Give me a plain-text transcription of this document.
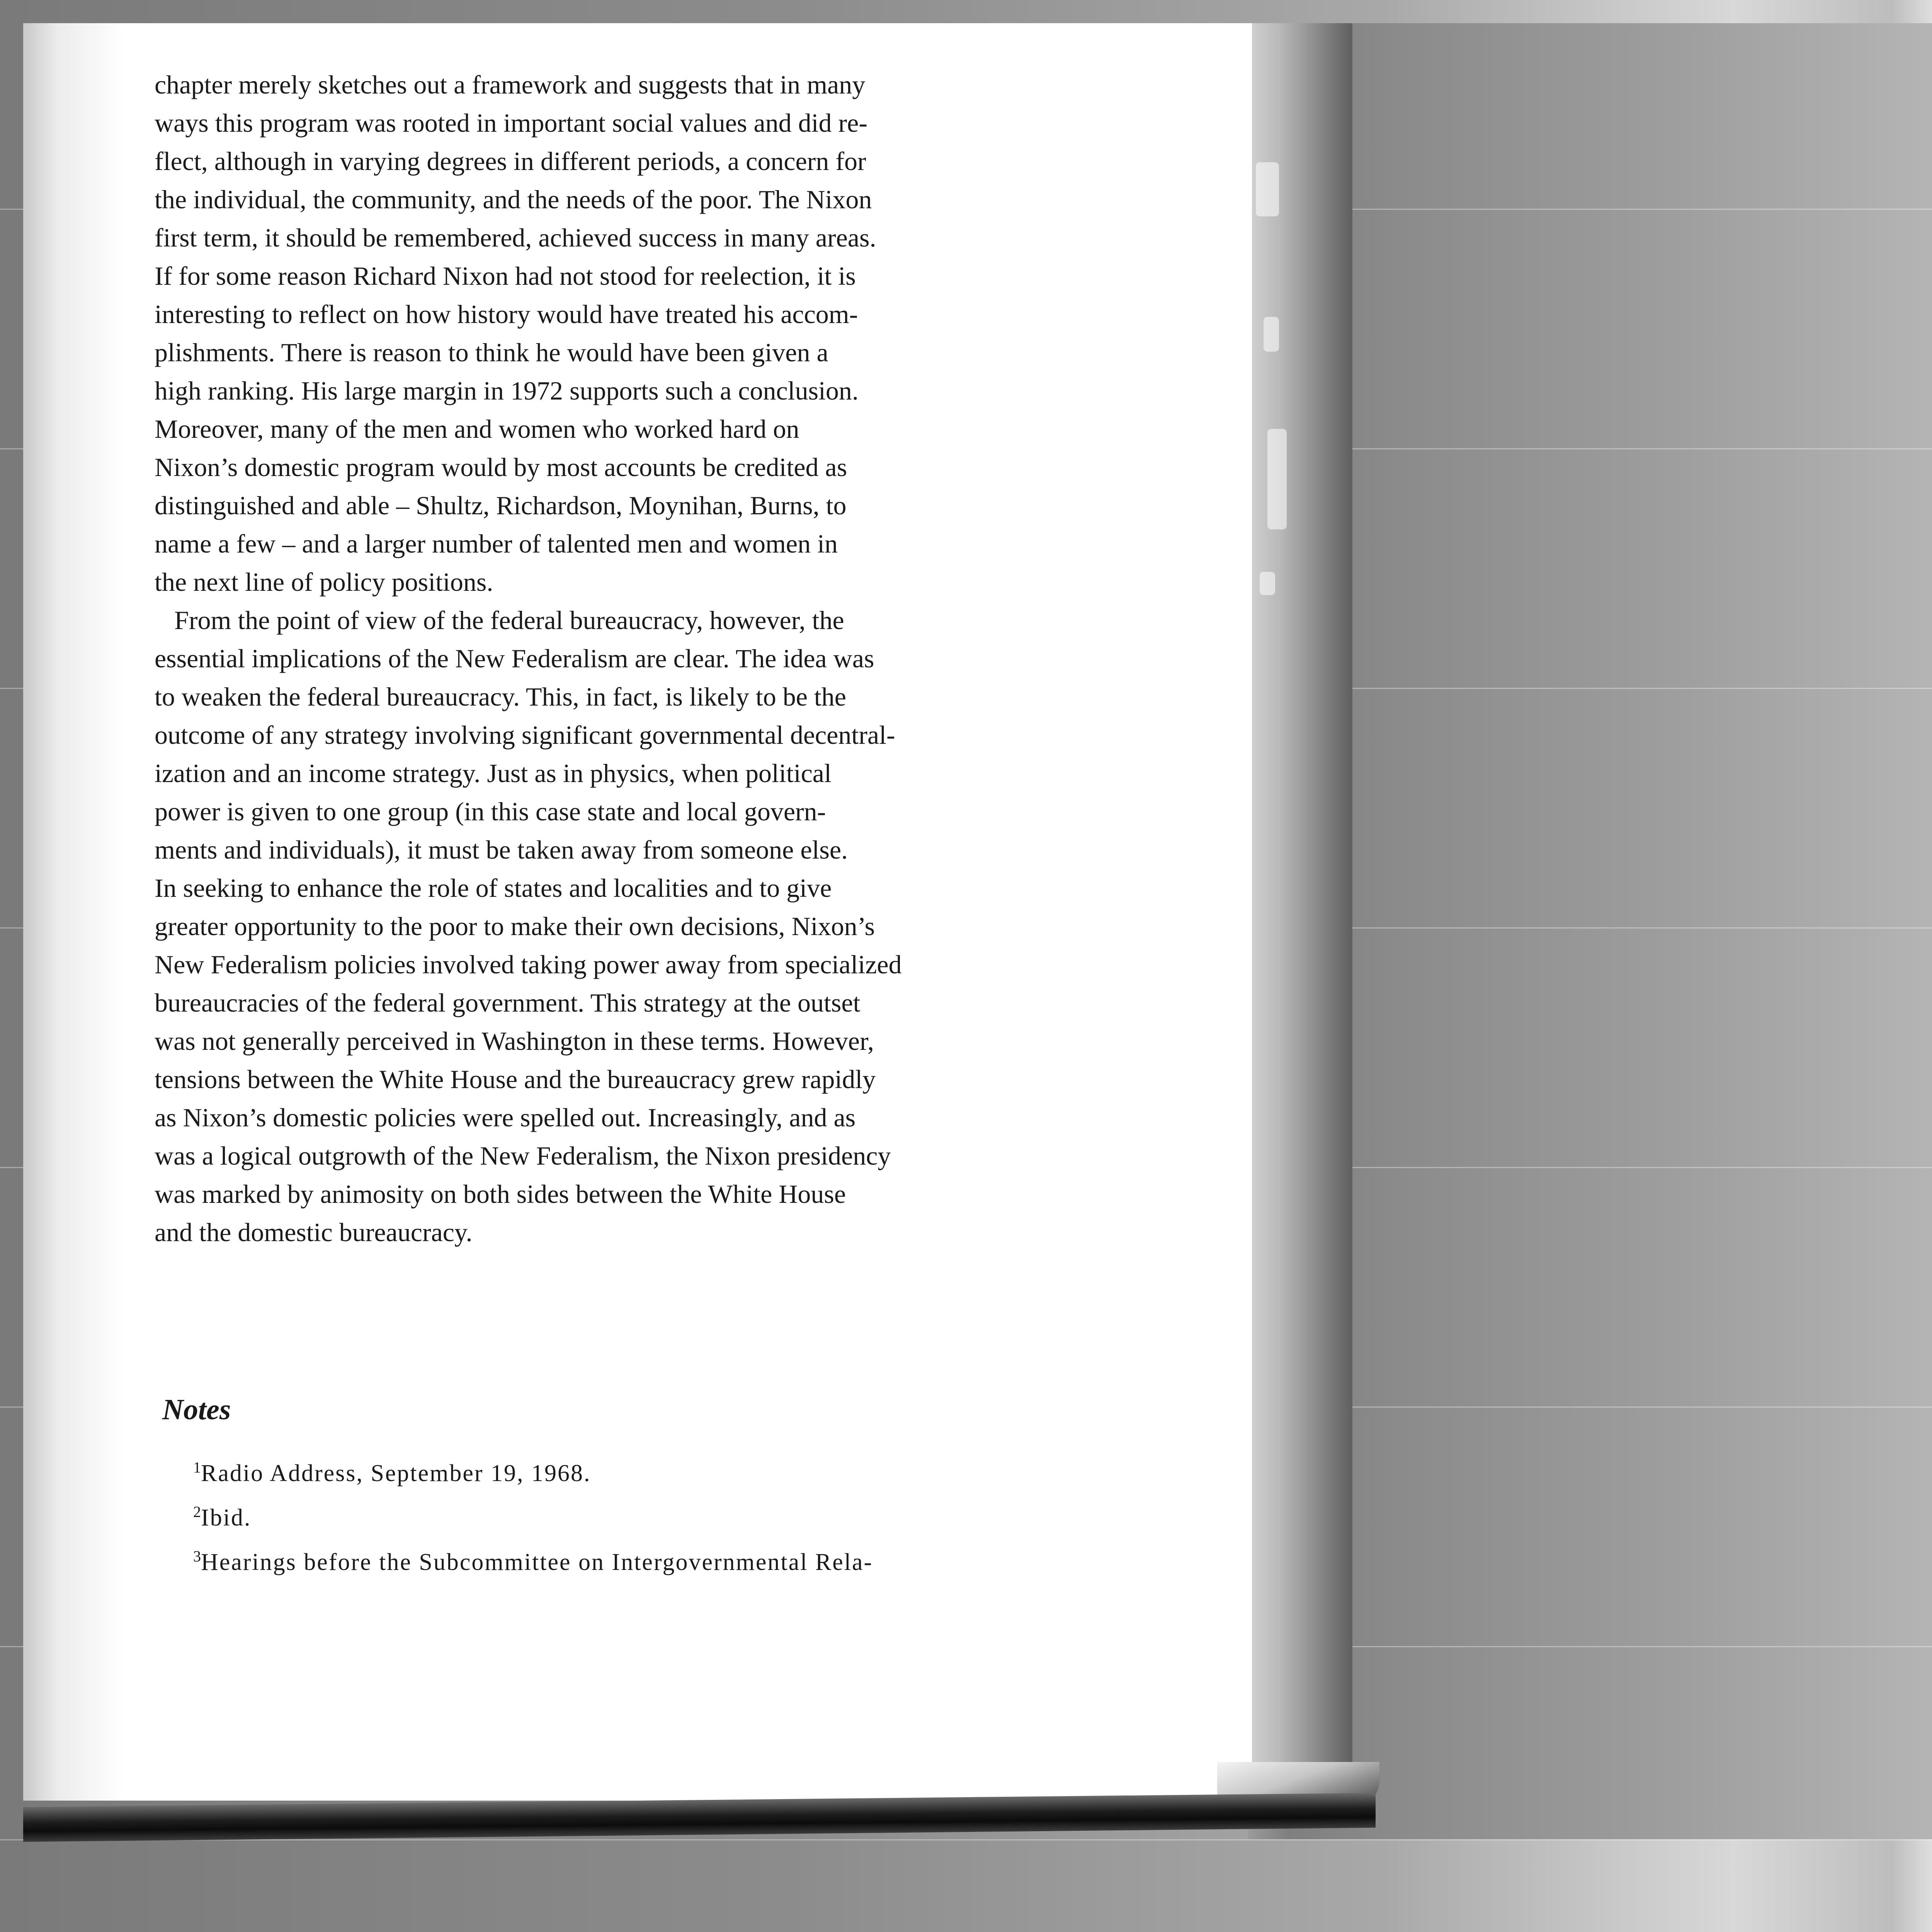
chapter merely sketches out a framework and suggests that in many
ways this program was rooted in important social values and did re-
flect, although in varying degrees in different periods, a concern for
the individual, the community, and the needs of the poor. The Nixon
first term, it should be remembered, achieved success in many areas.
If for some reason Richard Nixon had not stood for reelection, it is
interesting to reflect on how history would have treated his accom-
plishments. There is reason to think he would have been given a
high ranking. His large margin in 1972 supports such a conclusion.
Moreover, many of the men and women who worked hard on
Nixon’s domestic program would by most accounts be credited as
distinguished and able – Shultz, Richardson, Moynihan, Burns, to
name a few – and a larger number of talented men and women in
the next line of policy positions.
From the point of view of the federal bureaucracy, however, the
essential implications of the New Federalism are clear. The idea was
to weaken the federal bureaucracy. This, in fact, is likely to be the
outcome of any strategy involving significant governmental decentral-
ization and an income strategy. Just as in physics, when political
power is given to one group (in this case state and local govern-
ments and individuals), it must be taken away from someone else.
In seeking to enhance the role of states and localities and to give
greater opportunity to the poor to make their own decisions, Nixon’s
New Federalism policies involved taking power away from specialized
bureaucracies of the federal government. This strategy at the outset
was not generally perceived in Washington in these terms. However,
tensions between the White House and the bureaucracy grew rapidly
as Nixon’s domestic policies were spelled out. Increasingly, and as
was a logical outgrowth of the New Federalism, the Nixon presidency
was marked by animosity on both sides between the White House
and the domestic bureaucracy.
Notes
$^1$Radio Address, September 19, 1968.
$^2$Ibid.
$^3$Hearings before the Subcommittee on Intergovernmental Rela-
